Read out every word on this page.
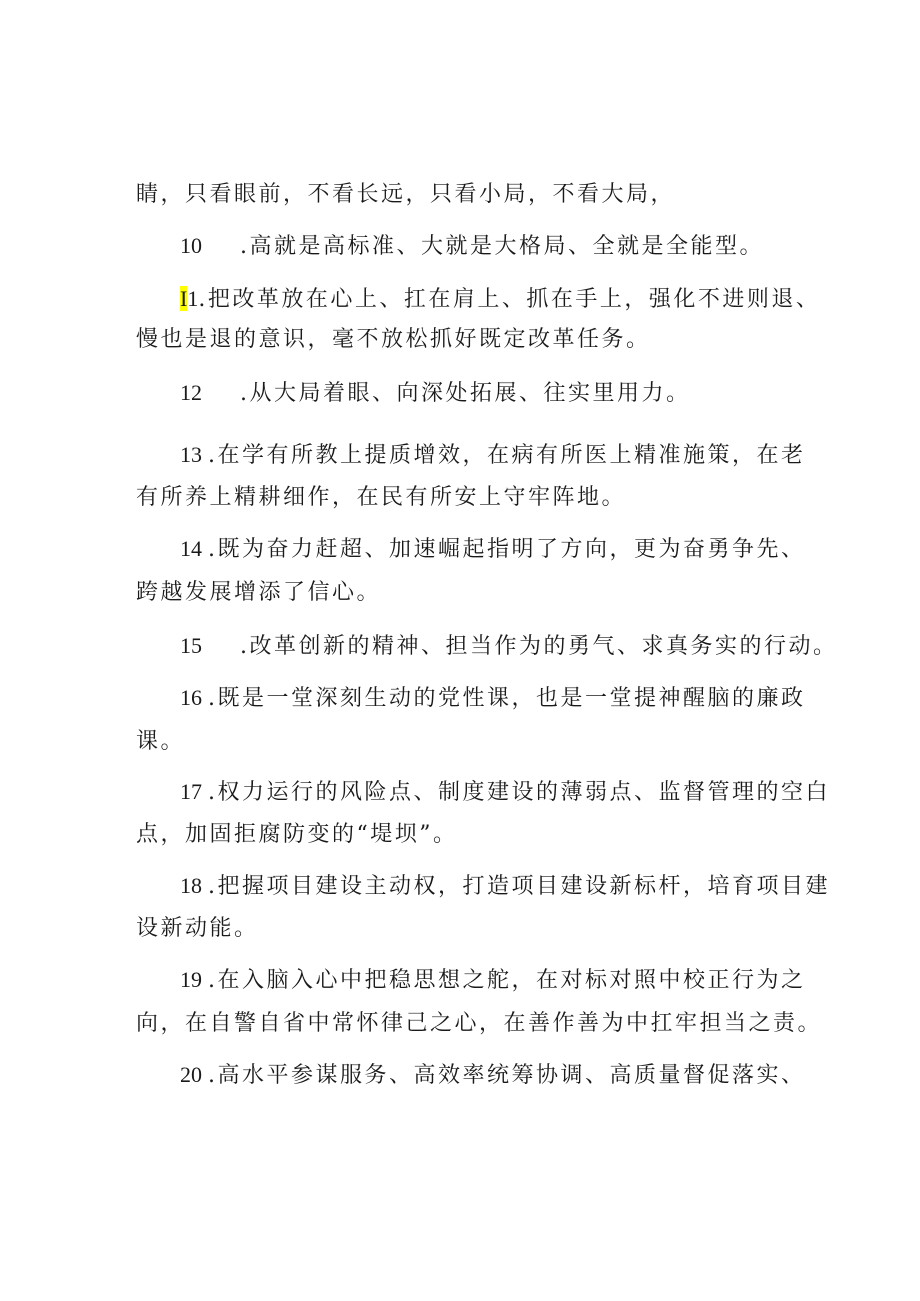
睛，只看眼前，不看长远，只看小局，不看大局，

10 .高就是高标准、大就是大格局、全就是全能型。

I1.把改革放在心上、扛在肩上、抓在手上，强化不进则退、

慢也是退的意识，毫不放松抓好既定改革任务。

12 .从大局着眼、向深处拓展、往实里用力。

13 .在学有所教上提质增效，在病有所医上精准施策，在老

有所养上精耕细作，在民有所安上守牢阵地。

14 .既为奋力赶超、加速崛起指明了方向，更为奋勇争先、

跨越发展增添了信心。

15 .改革创新的精神、担当作为的勇气、求真务实的行动。

16 .既是一堂深刻生动的党性课，也是一堂提神醒脑的廉政

课。

17 .权力运行的风险点、制度建设的薄弱点、监督管理的空白

点，加固拒腐防变的“堤坝”。

18 .把握项目建设主动权，打造项目建设新标杆，培育项目建

设新动能。

19 .在入脑入心中把稳思想之舵，在对标对照中校正行为之

向，在自警自省中常怀律己之心，在善作善为中扛牢担当之责。

20 .高水平参谋服务、高效率统筹协调、高质量督促落实、
